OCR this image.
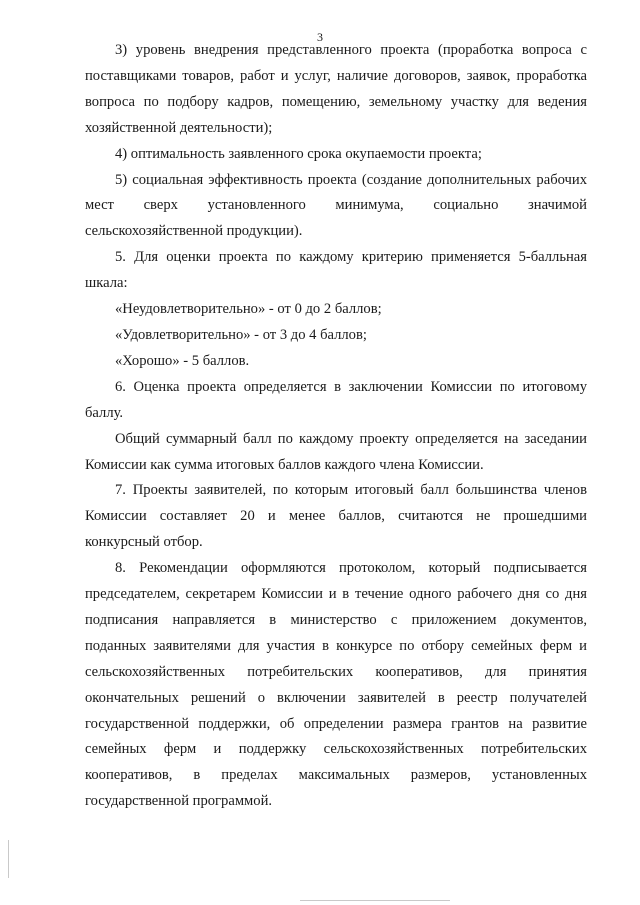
3

3) уровень внедрения представленного проекта (проработка вопроса с поставщиками товаров, работ и услуг, наличие договоров, заявок, проработка вопроса по подбору кадров, помещению, земельному участку для ведения хозяйственной деятельности);

4) оптимальность заявленного срока окупаемости проекта;

5) социальная эффективность проекта (создание дополнительных рабочих мест сверх установленного минимума, социально значимой сельскохозяйственной продукции).

5. Для оценки проекта по каждому критерию применяется 5-балльная шкала:

«Неудовлетворительно» - от 0 до 2 баллов;

«Удовлетворительно» - от 3 до 4 баллов;

«Хорошо» - 5 баллов.

6. Оценка проекта определяется в заключении Комиссии по итоговому баллу.

Общий суммарный балл по каждому проекту определяется на заседании Комиссии как сумма итоговых баллов каждого члена Комиссии.

7. Проекты заявителей, по которым итоговый балл большинства членов Комиссии составляет 20 и менее баллов, считаются не прошедшими конкурсный отбор.

8. Рекомендации оформляются протоколом, который подписывается председателем, секретарем Комиссии и в течение одного рабочего дня со дня подписания направляется в министерство с приложением документов, поданных заявителями для участия в конкурсе по отбору семейных ферм и сельскохозяйственных потребительских кооперативов, для принятия окончательных решений о включении заявителей в реестр получателей государственной поддержки, об определении размера грантов на развитие семейных ферм и поддержку сельскохозяйственных потребительских кооперативов, в пределах максимальных размеров, установленных государственной программой.
